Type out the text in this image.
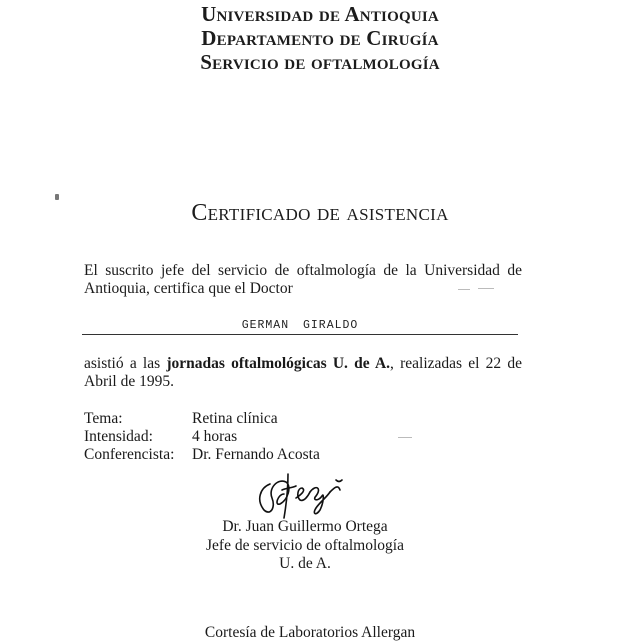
Universidad de Antioquia
Departamento de Cirugía
Servicio de oftalmología
Certificado de asistencia
El suscrito jefe del servicio de oftalmología de la Universidad de Antioquia, certifica que el Doctor
GERMAN GIRALDO
asistió a las jornadas oftalmológicas U. de A., realizadas el 22 de Abril de 1995.
Tema:	Retina clínica
Intensidad:	4 horas
Conferencista:	Dr. Fernando Acosta
Dr. Juan Guillermo Ortega
Jefe de servicio de oftalmología
U. de A.
Cortesía de Laboratorios Allergan
